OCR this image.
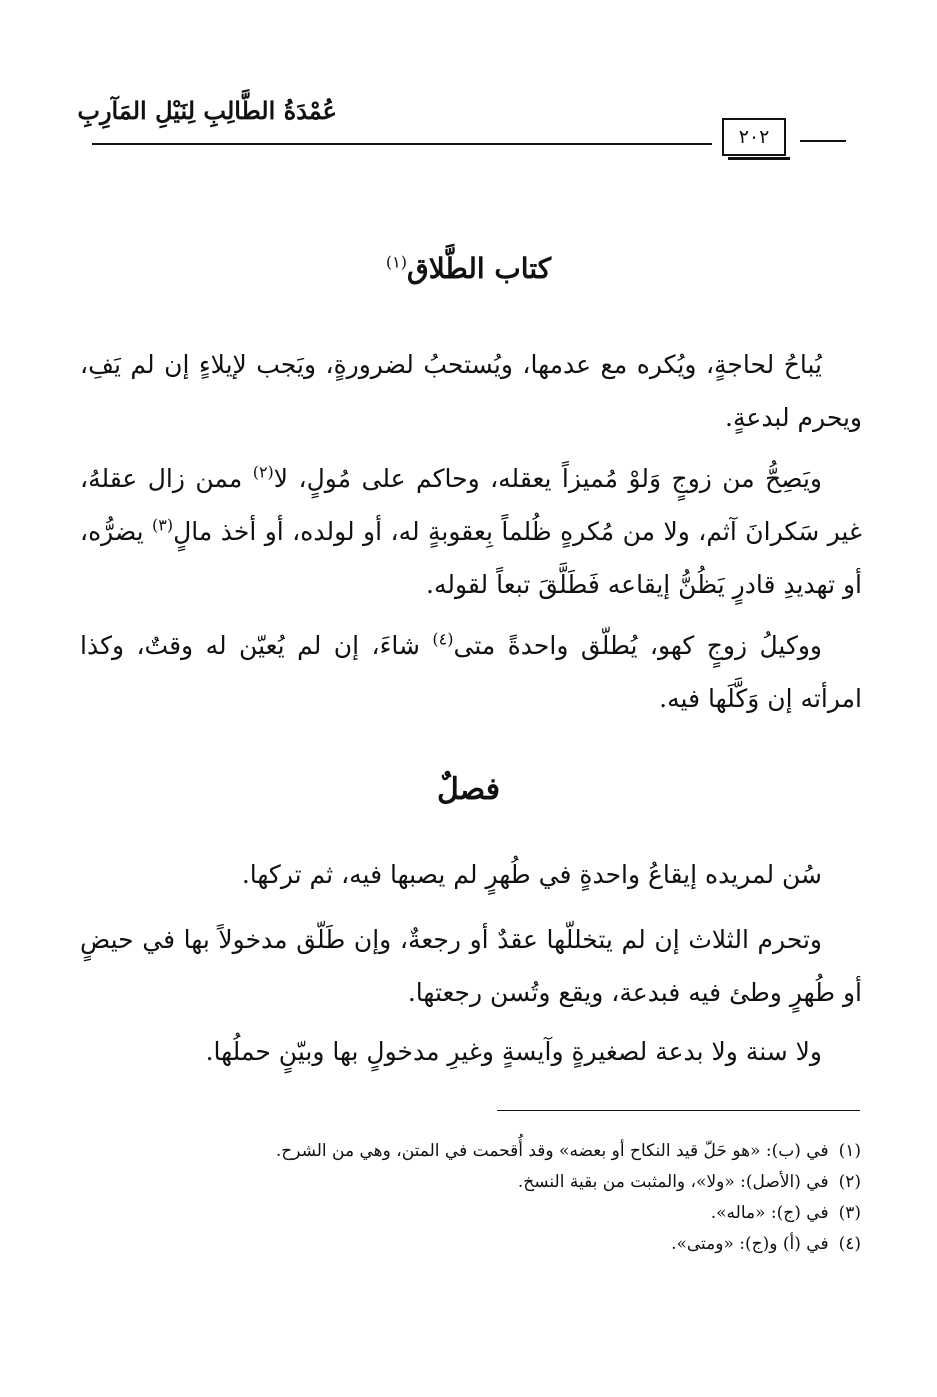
عُمْدَةُ الطَّالِبِ لِنَيْلِ المَآرِبِ
٢٠٢
كتاب الطَّلاق$^{(١)}$

يُباحُ لحاجةٍ، ويُكره مع عدمها، ويُستحبُ لضرورةٍ، ويَجب لإيلاءٍ إن لم يَفِ، ويحرم لبدعةٍ.

ويَصِحُّ من زوجٍ وَلوْ مُميزاً يعقله، وحاكم على مُولٍ، لا$^{(٢)}$ ممن زال عقلهُ، غير سَكرانَ آثم، ولا من مُكرهٍ ظُلماً بِعقوبةٍ له، أو لولده، أو أخذ مالٍ$^{(٣)}$ يضرُّه، أو تهديدِ قادرٍ يَظُنُّ إيقاعه فَطَلَّقَ تبعاً لقوله.

ووكيلُ زوجٍ كهو، يُطلّق واحدةً متى$^{(٤)}$ شاءَ، إن لم يُعيّن له وقتٌ، وكذا امرأته إن وَكَّلَها فيه.

فصلٌ

سُن لمريده إيقاعُ واحدةٍ في طُهرٍ لم يصبها فيه، ثم تركها.

وتحرم الثلاث إن لم يتخللّها عقدٌ أو رجعةٌ، وإن طَلّق مدخولاً بها في حيضٍ أو طُهرٍ وطئ فيه فبدعة، ويقع وتُسن رجعتها.

ولا سنة ولا بدعة لصغيرةٍ وآيسةٍ وغيرِ مدخولٍ بها وبيّنٍ حملُها.

(١)في (ب): «هو حَلّ قيد النكاح أو بعضه» وقد أُقحمت في المتن، وهي من الشرح.

(٢)في (الأصل): «ولا»، والمثبت من بقية النسخ.

(٣)في (ج): «ماله».

(٤)في (أ) و(ج): «ومتى».
